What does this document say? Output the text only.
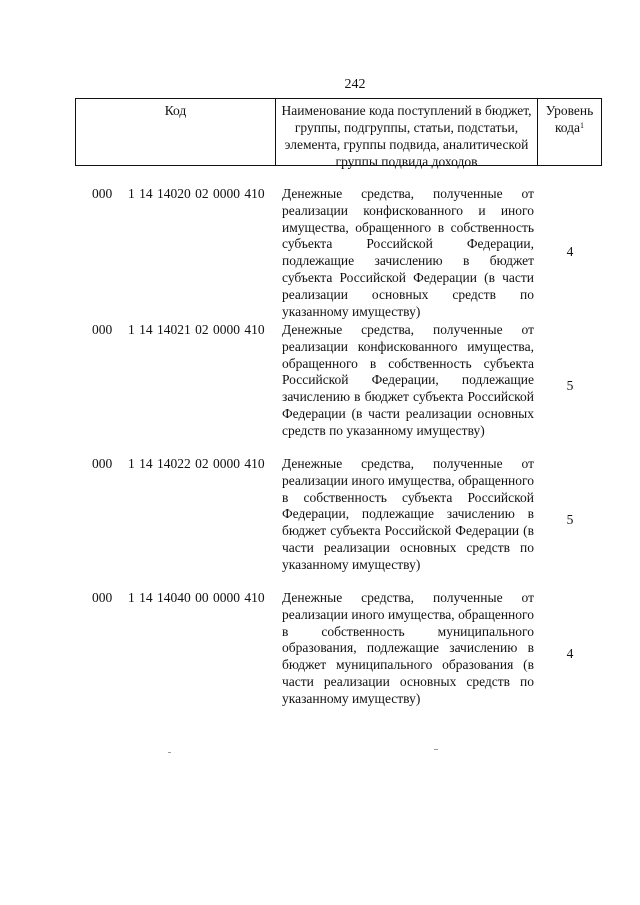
242
Код	Наименование кода поступлений в бюджет, группы, подгруппы, статьи, подстатьи, элемента, группы подвида, аналитической группы подвида доходов
Уровень кода$^1$
000 1 14 14020 02 0000 410 Денежные средства, полученные от реализации конфискованного и иного имущества, обращенного в собственность субъекта Российской Федерации, подлежащие зачислению в бюджет субъекта Российской Федерации (в части реализации основных средств по указанному имуществу)
4
000 1 14 14021 02 0000 410 Денежные средства, полученные от реализации конфискованного имущества, обращенного в собственность субъекта Российской Федерации, подлежащие зачислению в бюджет субъекта Российской Федерации (в части реализации основных средств по указанному имуществу)
5
000 1 14 14022 02 0000 410 Денежные средства, полученные от реализации иного имущества, обращенного в собственность субъекта Российской Федерации, подлежащие зачислению в бюджет субъекта Российской Федерации (в части реализации основных средств по указанному имуществу)
5
000 1 14 14040 00 0000 410 Денежные средства, полученные от реализации иного имущества, обращенного в собственность муниципального образования, подлежащие зачислению в бюджет муниципального образования (в части реализации основных средств по указанному имуществу)
4
